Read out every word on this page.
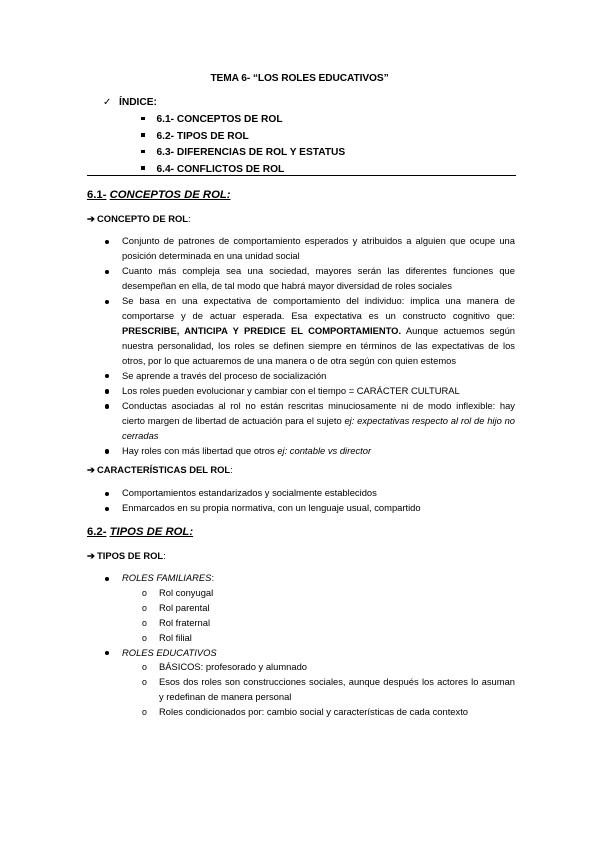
TEMA 6- “LOS ROLES EDUCATIVOS”
✓ ÍNDICE:
6.1- CONCEPTOS DE ROL
6.2- TIPOS DE ROL
6.3- DIFERENCIAS DE ROL Y ESTATUS
6.4- CONFLICTOS DE ROL
6.1- CONCEPTOS DE ROL:
➔ CONCEPTO DE ROL:
Conjunto de patrones de comportamiento esperados y atribuidos a alguien que ocupe una posición determinada en una unidad social
Cuanto más compleja sea una sociedad, mayores serán las diferentes funciones que desempeñan en ella, de tal modo que habrá mayor diversidad de roles sociales
Se basa en una expectativa de comportamiento del individuo: implica una manera de comportarse y de actuar esperada. Esa expectativa es un constructo cognitivo que: PRESCRIBE, ANTICIPA Y PREDICE EL COMPORTAMIENTO. Aunque actuemos según nuestra personalidad, los roles se definen siempre en términos de las expectativas de los otros, por lo que actuaremos de una manera o de otra según con quien estemos
Se aprende a través del proceso de socialización
Los roles pueden evolucionar y cambiar con el tiempo = CARÁCTER CULTURAL
Conductas asociadas al rol no están rescritas minuciosamente ni de modo inflexible: hay cierto margen de libertad de actuación para el sujeto ej: expectativas respecto al rol de hijo no cerradas
Hay roles con más libertad que otros ej: contable vs director
➔ CARACTERÍSTICAS DEL ROL:
Comportamientos estandarizados y socialmente establecidos
Enmarcados en su propia normativa, con un lenguaje usual, compartido
6.2- TIPOS DE ROL:
➔ TIPOS DE ROL:
ROLES FAMILIARES:
o Rol conyugal
o Rol parental
o Rol fraternal
o Rol filial
ROLES EDUCATIVOS
o BÁSICOS: profesorado y alumnado
o Esos dos roles son construcciones sociales, aunque después los actores lo asuman y redefinan de manera personal
o Roles condicionados por: cambio social y características de cada contexto
